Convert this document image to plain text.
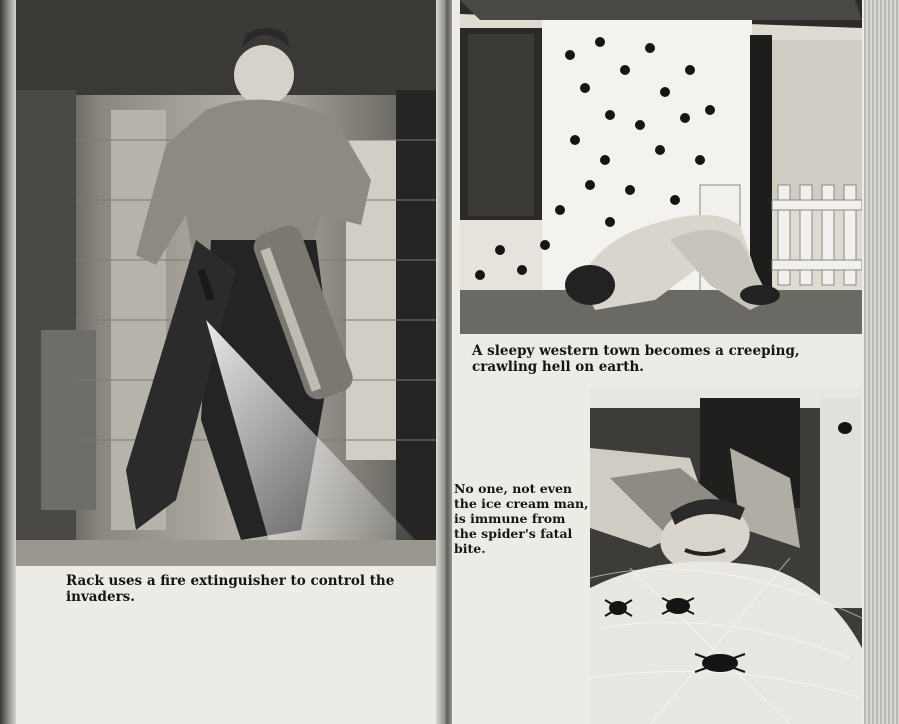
Rack uses a fire extinguisher to control the invaders.
A sleepy western town becomes a creeping, crawling hell on earth.
No one, not even the ice cream man, is immune from the spider's fatal bite.
